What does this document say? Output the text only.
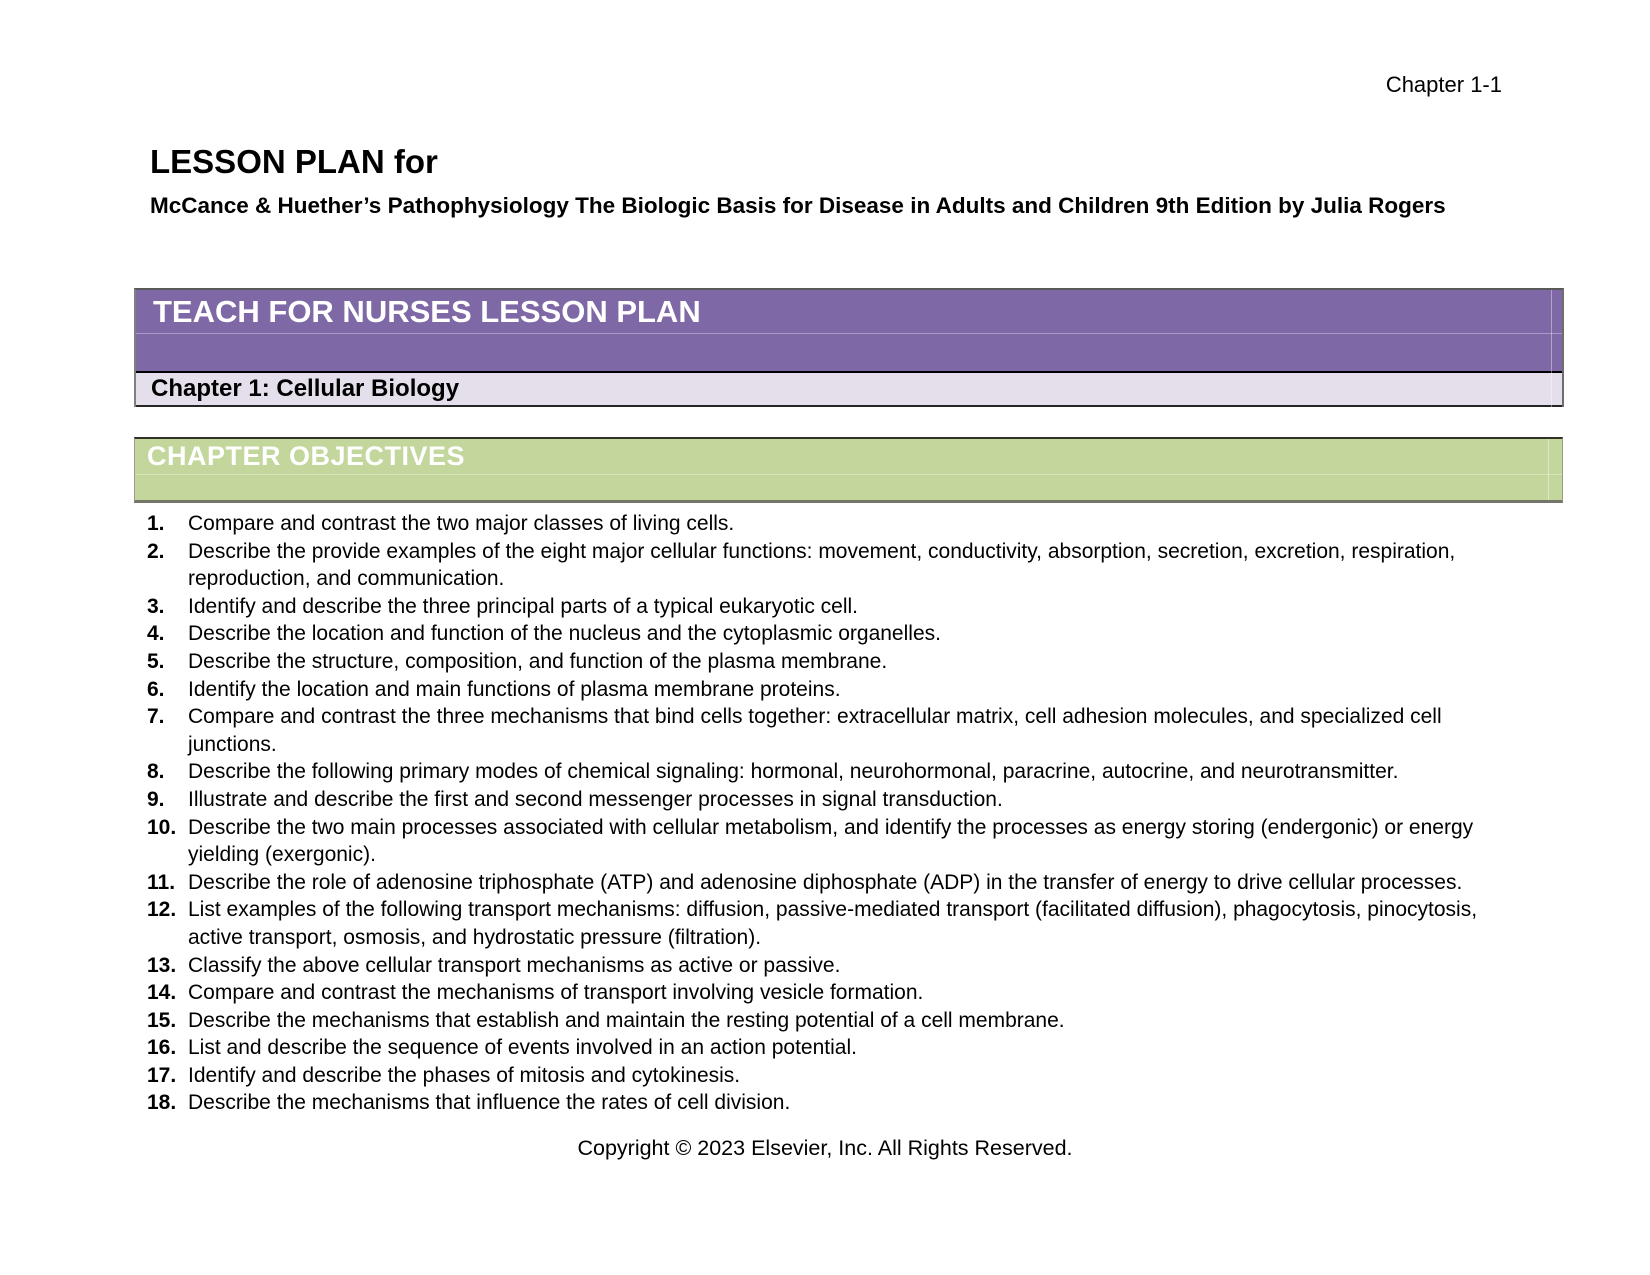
Chapter 1-1
LESSON PLAN for
McCance & Huether’s Pathophysiology The Biologic Basis for Disease in Adults and Children 9th Edition by Julia Rogers
TEACH FOR NURSES LESSON PLAN
Chapter 1: Cellular Biology
CHAPTER OBJECTIVES
1.	Compare and contrast the two major classes of living cells.
2.	Describe the provide examples of the eight major cellular functions: movement, conductivity, absorption, secretion, excretion, respiration, reproduction, and communication.
3.	Identify and describe the three principal parts of a typical eukaryotic cell.
4.	Describe the location and function of the nucleus and the cytoplasmic organelles.
5.	Describe the structure, composition, and function of the plasma membrane.
6.	Identify the location and main functions of plasma membrane proteins.
7.	Compare and contrast the three mechanisms that bind cells together: extracellular matrix, cell adhesion molecules, and specialized cell junctions.
8.	Describe the following primary modes of chemical signaling: hormonal, neurohormonal, paracrine, autocrine, and neurotransmitter.
9.	Illustrate and describe the first and second messenger processes in signal transduction.
10. Describe the two main processes associated with cellular metabolism, and identify the processes as energy storing (endergonic) or energy yielding (exergonic).
11. Describe the role of adenosine triphosphate (ATP) and adenosine diphosphate (ADP) in the transfer of energy to drive cellular processes.
12. List examples of the following transport mechanisms: diffusion, passive-mediated transport (facilitated diffusion), phagocytosis, pinocytosis, active transport, osmosis, and hydrostatic pressure (filtration).
13. Classify the above cellular transport mechanisms as active or passive.
14. Compare and contrast the mechanisms of transport involving vesicle formation.
15. Describe the mechanisms that establish and maintain the resting potential of a cell membrane.
16. List and describe the sequence of events involved in an action potential.
17. Identify and describe the phases of mitosis and cytokinesis.
18. Describe the mechanisms that influence the rates of cell division.
Copyright © 2023 Elsevier, Inc. All Rights Reserved.
